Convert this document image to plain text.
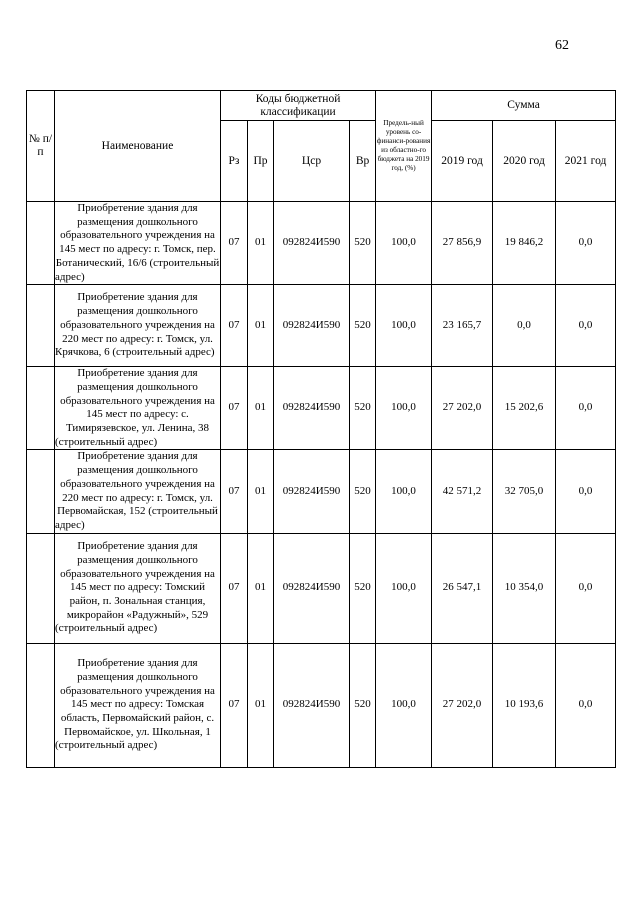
62
№ п/п	Наименование	Коды бюджетной классификации				Предель-ный уровень со-финанси-рования из областно-го бюджета на 2019 год, (%)	Сумма		
		Рз	Пр	Цср	Вр		2019 год	2020 год	2021 год
	Приобретение здания для размещения дошкольного образовательного учреждения на 145 мест по адресу: г. Томск, пер. Ботанический, 16/6 (строительный адрес)	07	01	092824И590	520	100,0	27 856,9	19 846,2	0,0
	Приобретение здания для размещения дошкольного образовательного учреждения на 220 мест по адресу: г. Томск, ул. Крячкова, 6 (строительный адрес)	07	01	092824И590	520	100,0	23 165,7	0,0	0,0
	Приобретение здания для размещения дошкольного образовательного учреждения на 145 мест по адресу: с. Тимирязевское, ул. Ленина, 38 (строительный адрес)	07	01	092824И590	520	100,0	27 202,0	15 202,6	0,0
	Приобретение здания для размещения дошкольного образовательного учреждения на 220 мест по адресу: г. Томск, ул. Первомайская, 152 (строительный адрес)	07	01	092824И590	520	100,0	42 571,2	32 705,0	0,0
	Приобретение здания для размещения дошкольного образовательного учреждения на 145 мест по адресу: Томский район, п. Зональная станция, микрорайон «Радужный», 529 (строительный адрес)	07	01	092824И590	520	100,0	26 547,1	10 354,0	0,0
	Приобретение здания для размещения дошкольного образовательного учреждения на 145 мест по адресу: Томская область, Первомайский район, с. Первомайское, ул. Школьная, 1 (строительный адрес)	07	01	092824И590	520	100,0	27 202,0	10 193,6	0,0
